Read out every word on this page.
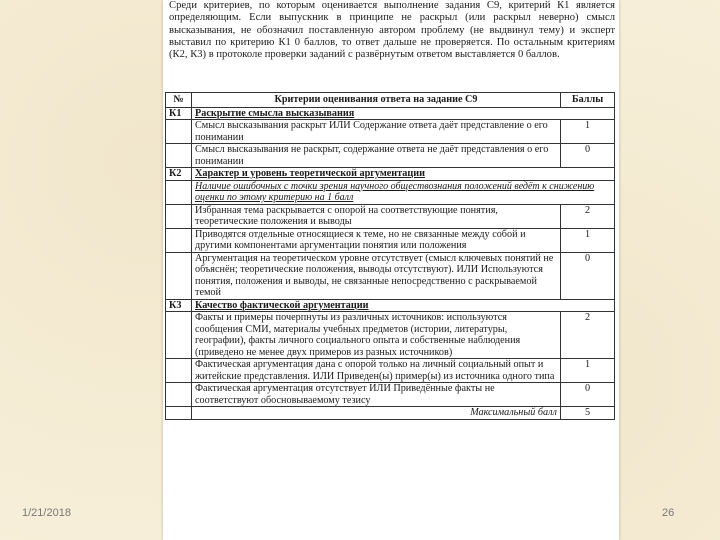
Среди критериев, по которым оценивается выполнение задания С9, критерий К1 является определяющим. Если выпускник в принципе не раскрыл (или раскрыл неверно) смысл высказывания, не обозначил поставленную автором проблему (не выдвинул тему) и эксперт выставил по критерию К1 0 баллов, то ответ дальше не проверяется. По остальным критериям (К2, К3) в протоколе проверки заданий с развёрнутым ответом выставляется 0 баллов.

№	Критерии оценивания ответа на задание С9	Баллы
К1	Раскрытие смысла высказывания	
	Смысл высказывания раскрыт ИЛИ Содержание ответа даёт представление о его понимании	1
	Смысл высказывания не раскрыт, содержание ответа не даёт представления о его понимании	0
К2	Характер и уровень теоретической аргументации	
	Наличие ошибочных с точки зрения научного обществознания положений ведёт к снижению оценки по этому критерию на 1 балл	
	Избранная тема раскрывается с опорой на соответствующие понятия, теоретические положения и выводы	2
	Приводятся отдельные относящиеся к теме, но не связанные между собой и другими компонентами аргументации понятия или положения	1
	Аргументация на теоретическом уровне отсутствует (смысл ключевых понятий не объяснён; теоретические положения, выводы отсутствуют). ИЛИ Используются понятия, положения и выводы, не связанные непосредственно с раскрываемой темой	0
К3	Качество фактической аргументации	
	Факты и примеры почерпнуты из различных источников: используются сообщения СМИ, материалы учебных предметов (истории, литературы, географии), факты личного социального опыта и собственные наблюдения (приведено не менее двух примеров из разных источников)	2
	Фактическая аргументация дана с опорой только на личный социальный опыт и житейские представления. ИЛИ Приведен(ы) пример(ы) из источника одного типа	1
	Фактическая аргументация отсутствует ИЛИ Приведённые факты не соответствуют обосновываемому тезису	0
	Максимальный балл	5
1/21/2018	26
